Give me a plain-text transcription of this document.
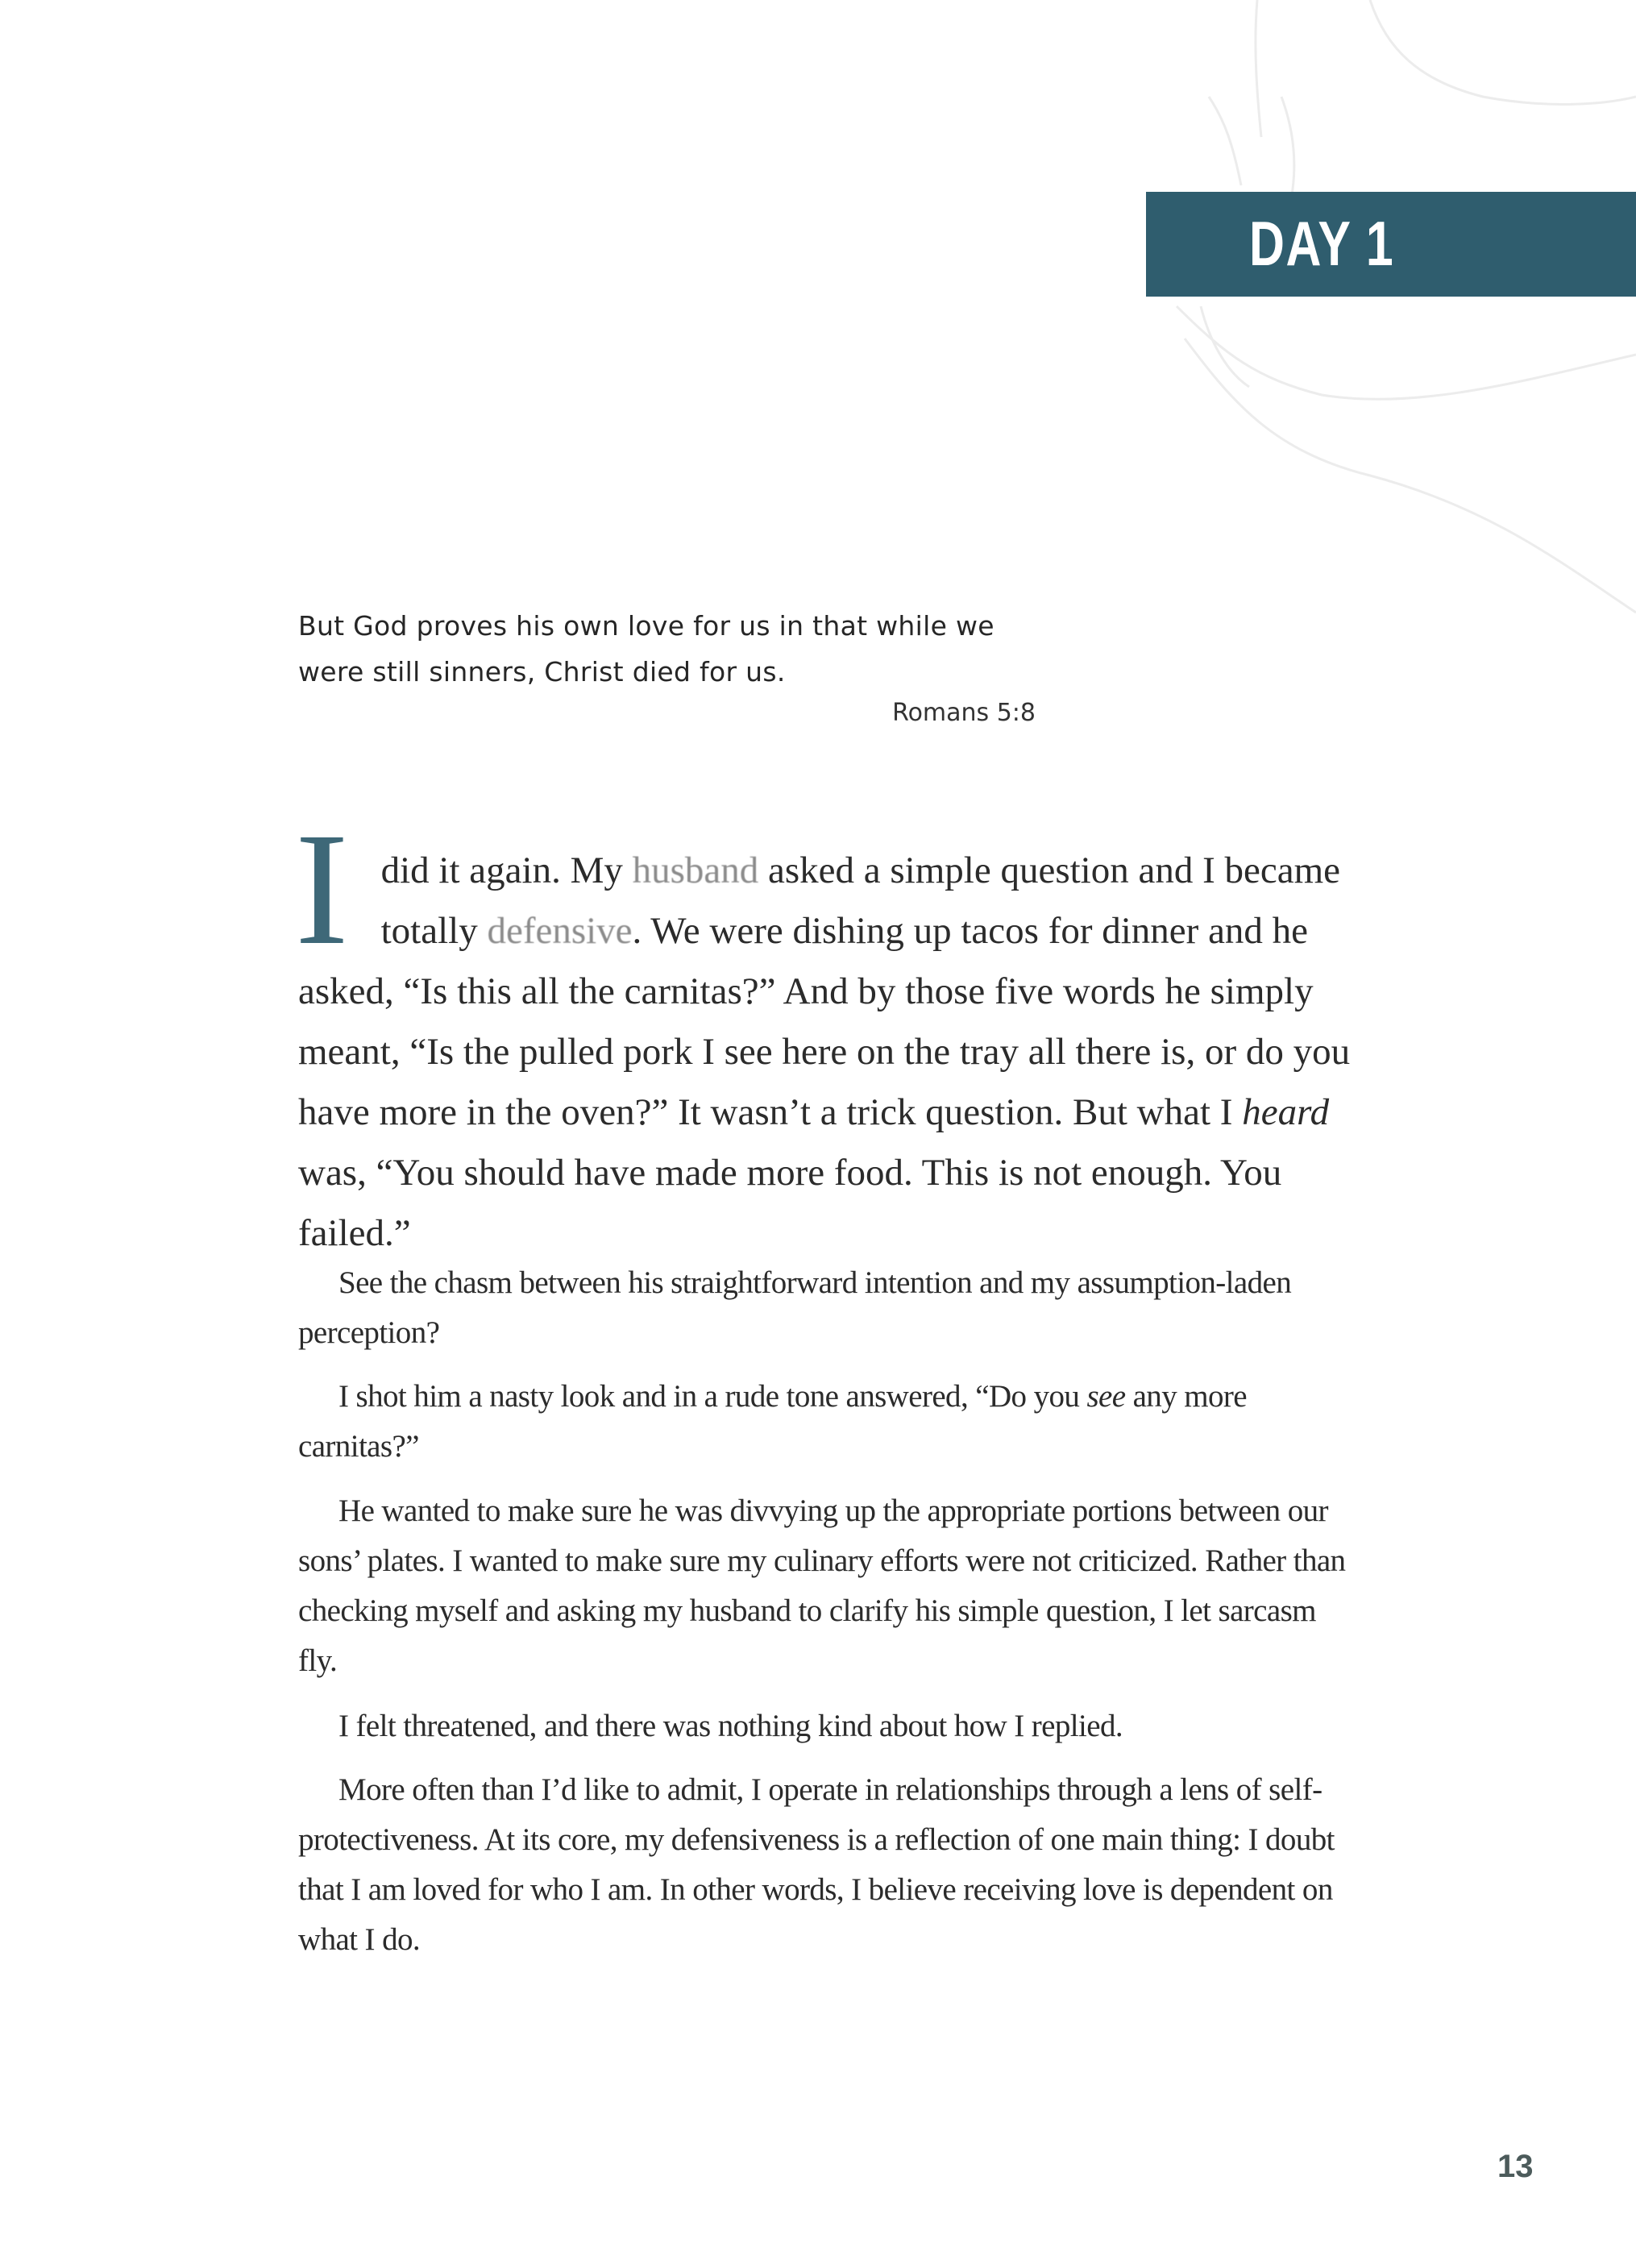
DAY 1
But God proves his own love for us in that while we were still sinners, Christ died for us.
Romans 5:8
I did it again. My husband asked a simple question and I became totally defensive. We were dishing up tacos for dinner and he asked, “Is this all the carnitas?” And by those five words he simply meant, “Is the pulled pork I see here on the tray all there is, or do you have more in the oven?” It wasn’t a trick question. But what I heard was, “You should have made more food. This is not enough. You failed.”

See the chasm between his straightforward intention and my assumption-laden perception?

I shot him a nasty look and in a rude tone answered, “Do you see any more carnitas?”

He wanted to make sure he was divvying up the appropriate portions between our sons’ plates. I wanted to make sure my culinary efforts were not criticized. Rather than checking myself and asking my husband to clarify his simple question, I let sarcasm fly.

I felt threatened, and there was nothing kind about how I replied.

More often than I’d like to admit, I operate in relationships through a lens of self-protectiveness. At its core, my defensiveness is a reflection of one main thing: I doubt that I am loved for who I am. In other words, I believe receiving love is dependent on what I do.

13
